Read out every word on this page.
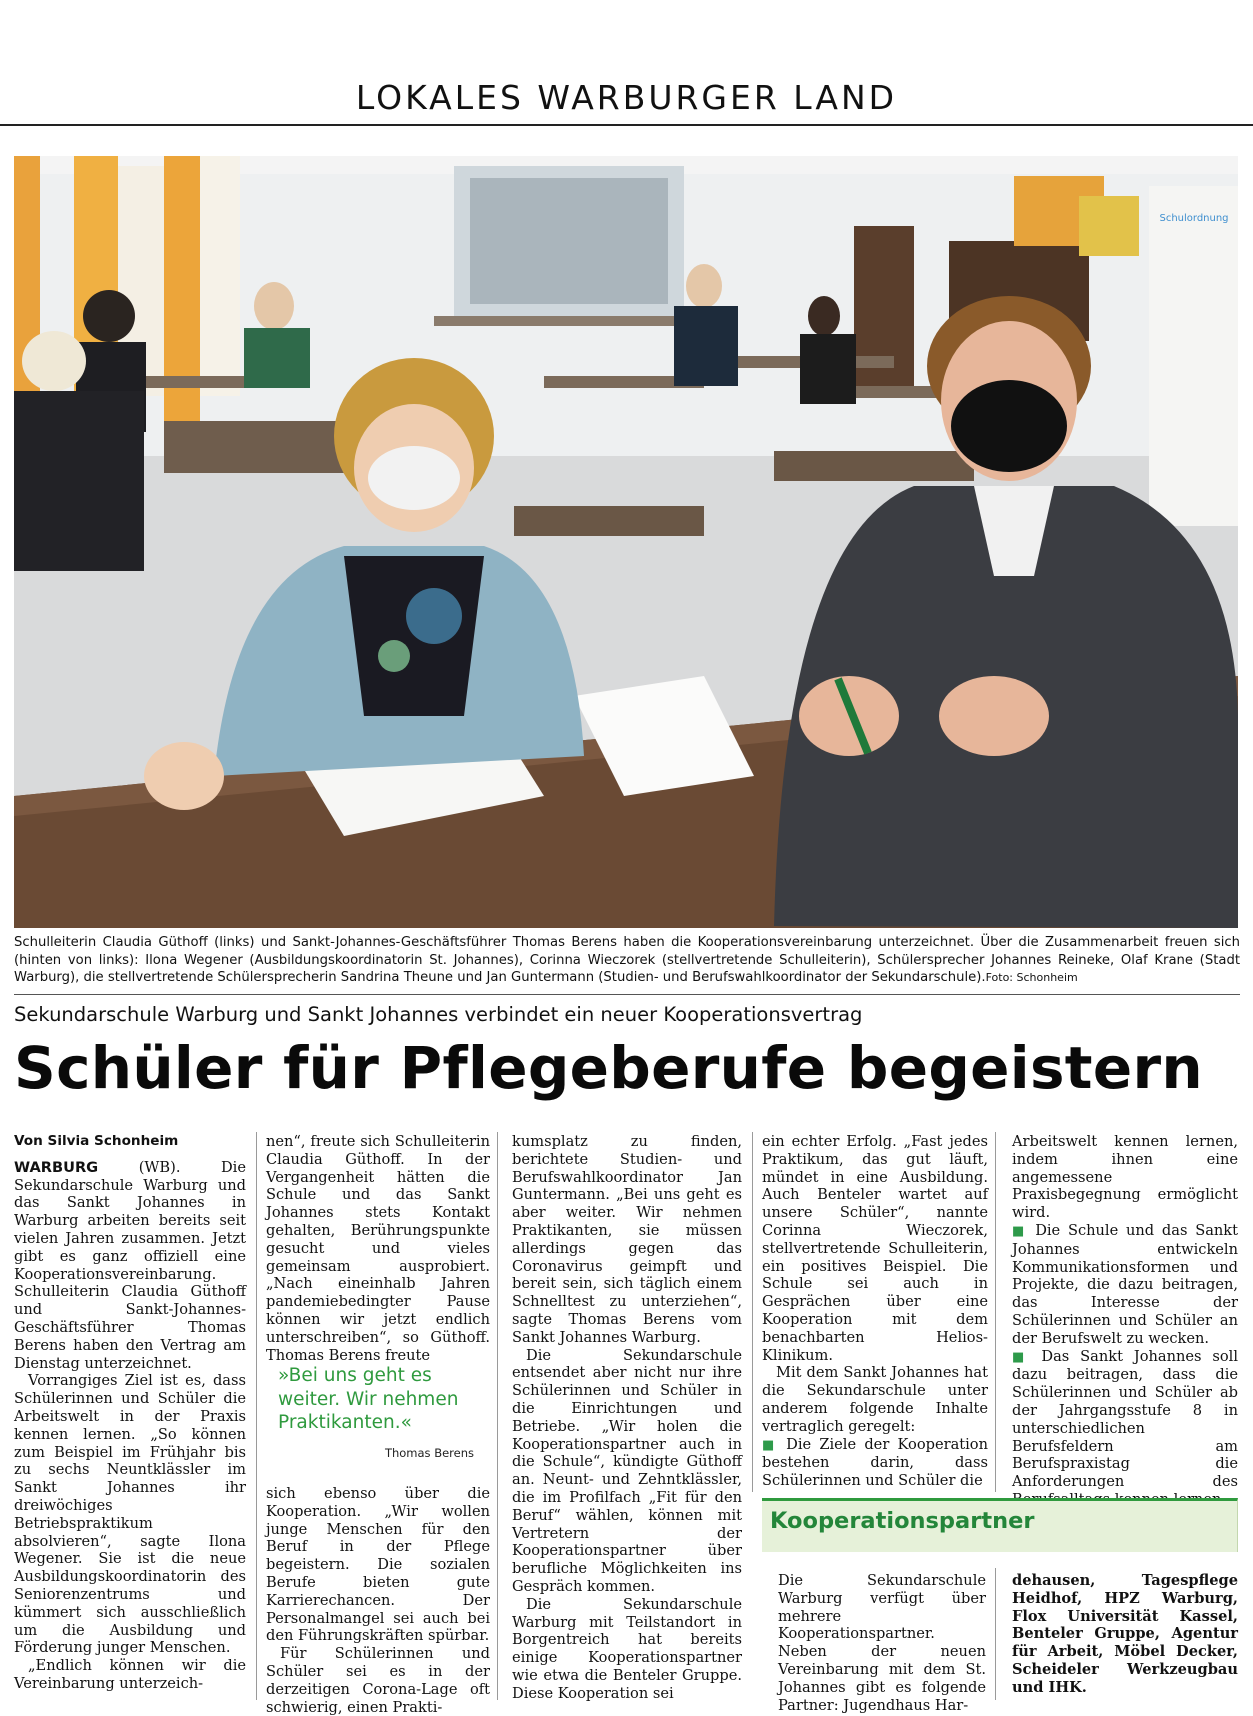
LOKALES WARBURGER LAND
Schulordnung
Schulleiterin Claudia Güthoff (links) und Sankt-Johannes-Geschäftsführer Thomas Berens haben die Kooperationsvereinbarung unterzeichnet. Über die Zusammenarbeit freuen sich (hinten von links): Ilona Wegener (Ausbildungskoordinatorin St. Johannes), Corinna Wieczorek (stellvertretende Schulleiterin), Schülersprecher Johannes Reineke, Olaf Krane (Stadt Warburg), die stellvertretende Schülersprecherin Sandrina Theune und Jan Guntermann (Studien- und Berufswahlkoordinator der Sekundarschule).Foto: Schonheim
Sekundarschule Warburg und Sankt Johannes verbindet ein neuer Kooperationsvertrag
Schüler für Pflegeberufe begeistern
Von Silvia Schonheim

WARBURG	(WB). Die Sekundarschule Warburg und das Sankt Johannes in Warburg arbeiten bereits seit vielen Jahren zusammen. Jetzt gibt es ganz offiziell eine Kooperationsvereinbarung. Schulleiterin Claudia Güthoff und Sankt-Johannes-Geschäftsführer Thomas Berens haben den Vertrag am Dienstag unterzeichnet.

Vorrangiges Ziel ist es, dass Schülerinnen und Schüler die Arbeitswelt in der Praxis kennen lernen. „So können zum Beispiel im Frühjahr bis zu sechs Neuntklässler im Sankt Johannes ihr dreiwöchiges Betriebspraktikum absolvieren“, sagte Ilona Wegener. Sie ist die neue Ausbildungskoordinatorin des Seniorenzentrums und kümmert sich ausschließlich um die Ausbildung und Förderung junger Menschen.

„Endlich können wir die Vereinbarung unterzeich-

nen“, freute sich Schulleiterin Claudia Güthoff. In der Vergangenheit hätten die Schule und das Sankt Johannes stets Kontakt gehalten, Berührungspunkte gesucht und vieles gemeinsam ausprobiert. „Nach eineinhalb Jahren pandemiebedingter Pause können wir jetzt endlich unterschreiben“, so Güthoff. Thomas Berens freute

»Bei uns geht es weiter. Wir nehmen Praktikanten.«
Thomas Berens

sich ebenso über die Kooperation. „Wir wollen junge Menschen für den Beruf in der Pflege begeistern. Die sozialen Berufe bieten gute Karrierechancen. Der Personalmangel sei auch bei den Führungskräften spürbar.

Für Schülerinnen und Schüler sei es in der derzeitigen Corona-Lage oft schwierig, einen Prakti-

kumsplatz zu finden, berichtete Studien- und Berufswahlkoordinator Jan Guntermann. „Bei uns geht es aber weiter. Wir nehmen Praktikanten, sie müssen allerdings gegen das Coronavirus geimpft und bereit sein, sich täglich einem Schnelltest zu unterziehen“, sagte Thomas Berens vom Sankt Johannes Warburg.

Die Sekundarschule entsendet aber nicht nur ihre Schülerinnen und Schüler in die Einrichtungen und Betriebe. „Wir holen die Kooperationspartner auch in die Schule“, kündigte Güthoff an. Neunt- und Zehntklässler, die im Profilfach „Fit für den Beruf“ wählen, können mit Vertretern der Kooperationspartner über berufliche Möglichkeiten ins Gespräch kommen.

Die Sekundarschule Warburg mit Teilstandort in Borgentreich hat bereits einige Kooperationspartner wie etwa die Benteler Gruppe. Diese Kooperation sei

ein echter Erfolg. „Fast jedes Praktikum, das gut läuft, mündet in eine Ausbildung. Auch Benteler wartet auf unsere Schüler“, nannte Corinna Wieczorek, stellvertretende Schulleiterin, ein positives Beispiel. Die Schule sei auch in Gesprächen über eine Kooperation mit dem benachbarten Helios-Klinikum.

Mit dem Sankt Johannes hat die Sekundarschule unter anderem folgende Inhalte vertraglich geregelt:

■ Die Ziele der Kooperation bestehen darin, dass Schülerinnen und Schüler die

Arbeitswelt kennen lernen, indem ihnen eine angemessene Praxisbegegnung ermöglicht wird.

■ Die Schule und das Sankt Johannes entwickeln Kommunikationsformen und Projekte, die dazu beitragen, das Interesse der Schülerinnen und Schüler an der Berufswelt zu wecken.

■ Das Sankt Johannes soll dazu beitragen, dass die Schülerinnen und Schüler ab der Jahrgangsstufe 8 in unterschiedlichen Berufsfeldern am Berufspraxistag die Anforderungen des

Kooperationspartner

Die Sekundarschule Warburg verfügt über mehrere Kooperationspartner. Neben der neuen Vereinbarung mit dem St. Johannes gibt es folgende Partner: Jugendhaus Har-

dehausen, Tagespflege Heidhof, HPZ Warburg, Flox Universität Kassel, Benteler Gruppe, Agentur für Arbeit, Möbel Decker, Scheideler Werkzeugbau und IHK.
